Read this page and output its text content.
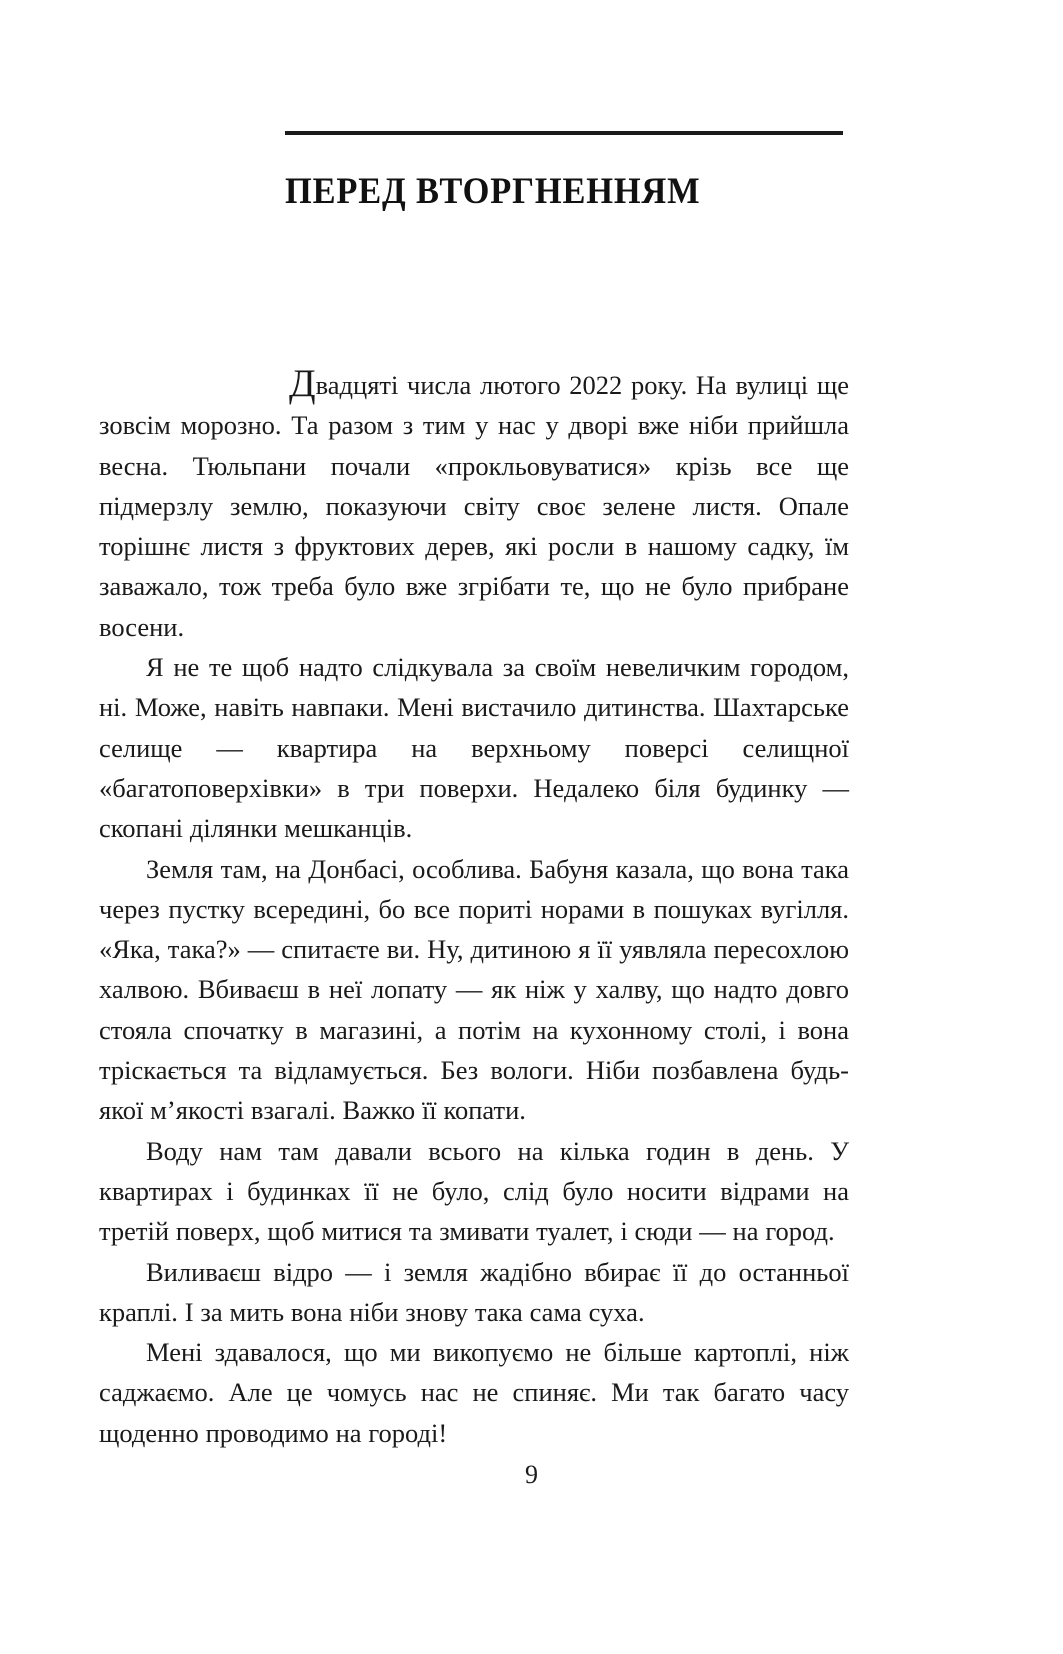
ПЕРЕД ВТОРГНЕННЯМ

Двадцяті числа лютого 2022 року. На вулиці ще зовсім морозно. Та разом з тим у нас у дворі вже ніби прийшла весна. Тюльпани почали «прокльовуватися» крізь все ще підмерзлу землю, показуючи світу своє зелене листя. Опале торішнє листя з фруктових дерев, які росли в нашому садку, їм заважало, тож треба було вже згрібати те, що не було прибране восени.

Я не те щоб надто слідкувала за своїм невеличким городом, ні. Може, навіть навпаки. Мені вистачило дитинства. Шахтарське селище — квартира на верхньому поверсі селищної «багатоповерхівки» в три поверхи. Недалеко біля будинку — скопані ділянки мешканців.

Земля там, на Донбасі, особлива. Бабуня казала, що вона така через пустку всередині, бо все пориті норами в пошуках вугілля. «Яка, така?» — спитаєте ви. Ну, дитиною я її уявляла пересохлою халвою. Вбиваєш в неї лопату — як ніж у халву, що надто довго стояла спочатку в магазині, а потім на кухонному столі, і вона тріскається та відламується. Без вологи. Ніби позбавлена будь-якої м’якості взагалі. Важко її копати.

Воду нам там давали всього на кілька годин в день. У квартирах і будинках її не було, слід було носити відрами на третій поверх, щоб митися та змивати туалет, і сюди — на город.

Виливаєш відро — і земля жадібно вбирає її до останньої краплі. І за мить вона ніби знову така сама суха.

Мені здавалося, що ми викопуємо не більше картоплі, ніж саджаємо. Але це чомусь нас не спиняє. Ми так багато часу щоденно проводимо на городі!

9
